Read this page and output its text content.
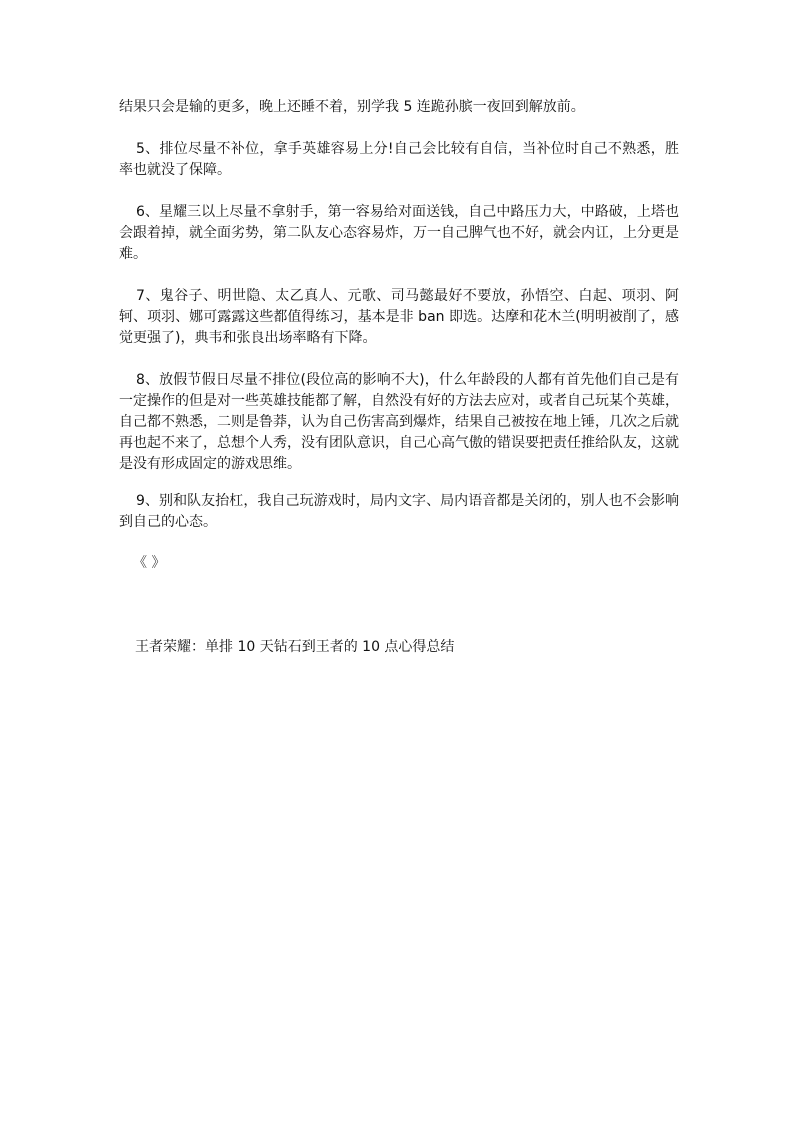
结果只会是输的更多，晚上还睡不着，别学我 5 连跪孙膑一夜回到解放前。

5、排位尽量不补位，拿手英雄容易上分!自己会比较有自信，当补位时自己不熟悉，胜率也就没了保障。

6、星耀三以上尽量不拿射手，第一容易给对面送钱，自己中路压力大，中路破，上塔也会跟着掉，就全面劣势，第二队友心态容易炸，万一自己脾气也不好，就会内讧，上分更是难。

7、鬼谷子、明世隐、太乙真人、元歌、司马懿最好不要放，孙悟空、白起、项羽、阿轲、项羽、娜可露露这些都值得练习，基本是非 ban 即选。达摩和花木兰(明明被削了，感觉更强了)，典韦和张良出场率略有下降。

8、放假节假日尽量不排位(段位高的影响不大)，什么年龄段的人都有首先他们自己是有一定操作的但是对一些英雄技能都了解，自然没有好的方法去应对，或者自己玩某个英雄，自己都不熟悉，二则是鲁莽，认为自己伤害高到爆炸，结果自己被按在地上锤，几次之后就再也起不来了，总想个人秀，没有团队意识，自己心高气傲的错误要把责任推给队友，这就是没有形成固定的游戏思维。

9、别和队友抬杠，我自己玩游戏时，局内文字、局内语音都是关闭的，别人也不会影响到自己的心态。

《 》
王者荣耀：单排 10 天钻石到王者的 10 点心得总结
